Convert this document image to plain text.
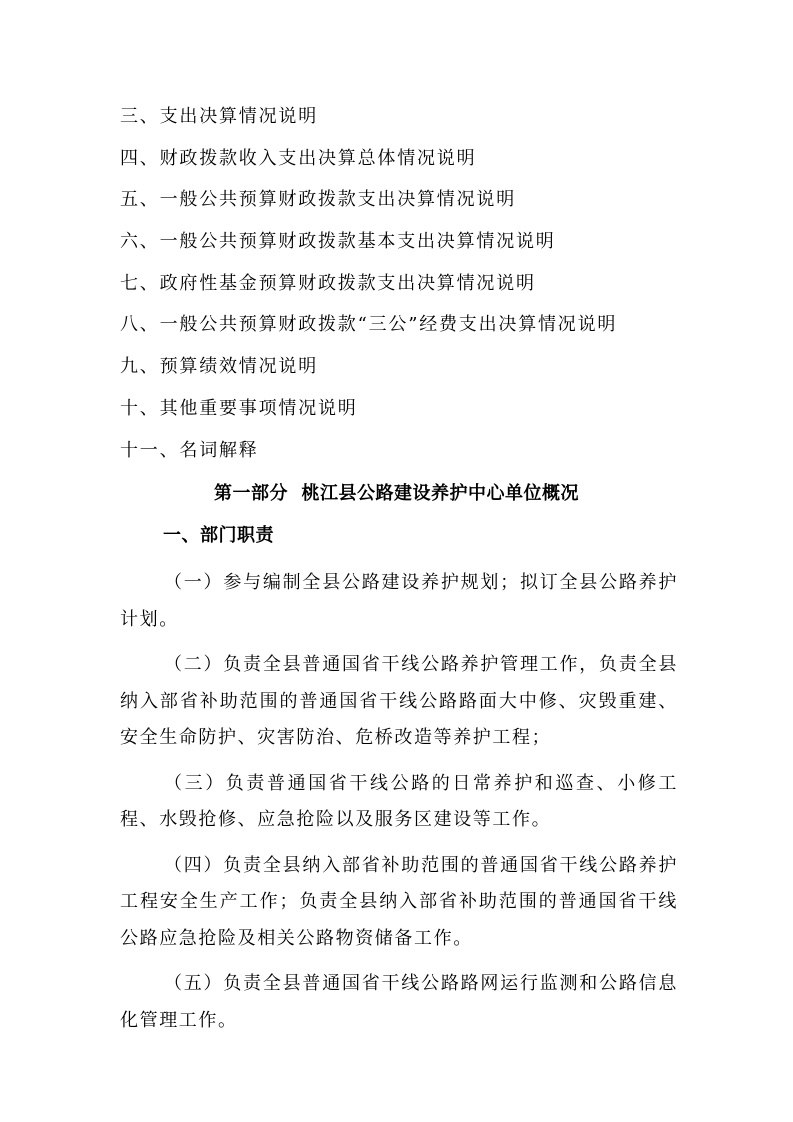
三、支出决算情况说明
四、财政拨款收入支出决算总体情况说明
五、一般公共预算财政拨款支出决算情况说明
六、一般公共预算财政拨款基本支出决算情况说明
七、政府性基金预算财政拨款支出决算情况说明
八、一般公共预算财政拨款“三公”经费支出决算情况说明
九、预算绩效情况说明
十、其他重要事项情况说明
十一、名词解释
第一部分  桃江县公路建设养护中心单位概况
一、部门职责

（一）参与编制全县公路建设养护规划；拟订全县公路养护计划。

（二）负责全县普通国省干线公路养护管理工作，负责全县纳入部省补助范围的普通国省干线公路路面大中修、灾毁重建、安全生命防护、灾害防治、危桥改造等养护工程；

（三）负责普通国省干线公路的日常养护和巡查、小修工程、水毁抢修、应急抢险以及服务区建设等工作。

（四）负责全县纳入部省补助范围的普通国省干线公路养护工程安全生产工作；负责全县纳入部省补助范围的普通国省干线公路应急抢险及相关公路物资储备工作。

（五）负责全县普通国省干线公路路网运行监测和公路信息化管理工作。
